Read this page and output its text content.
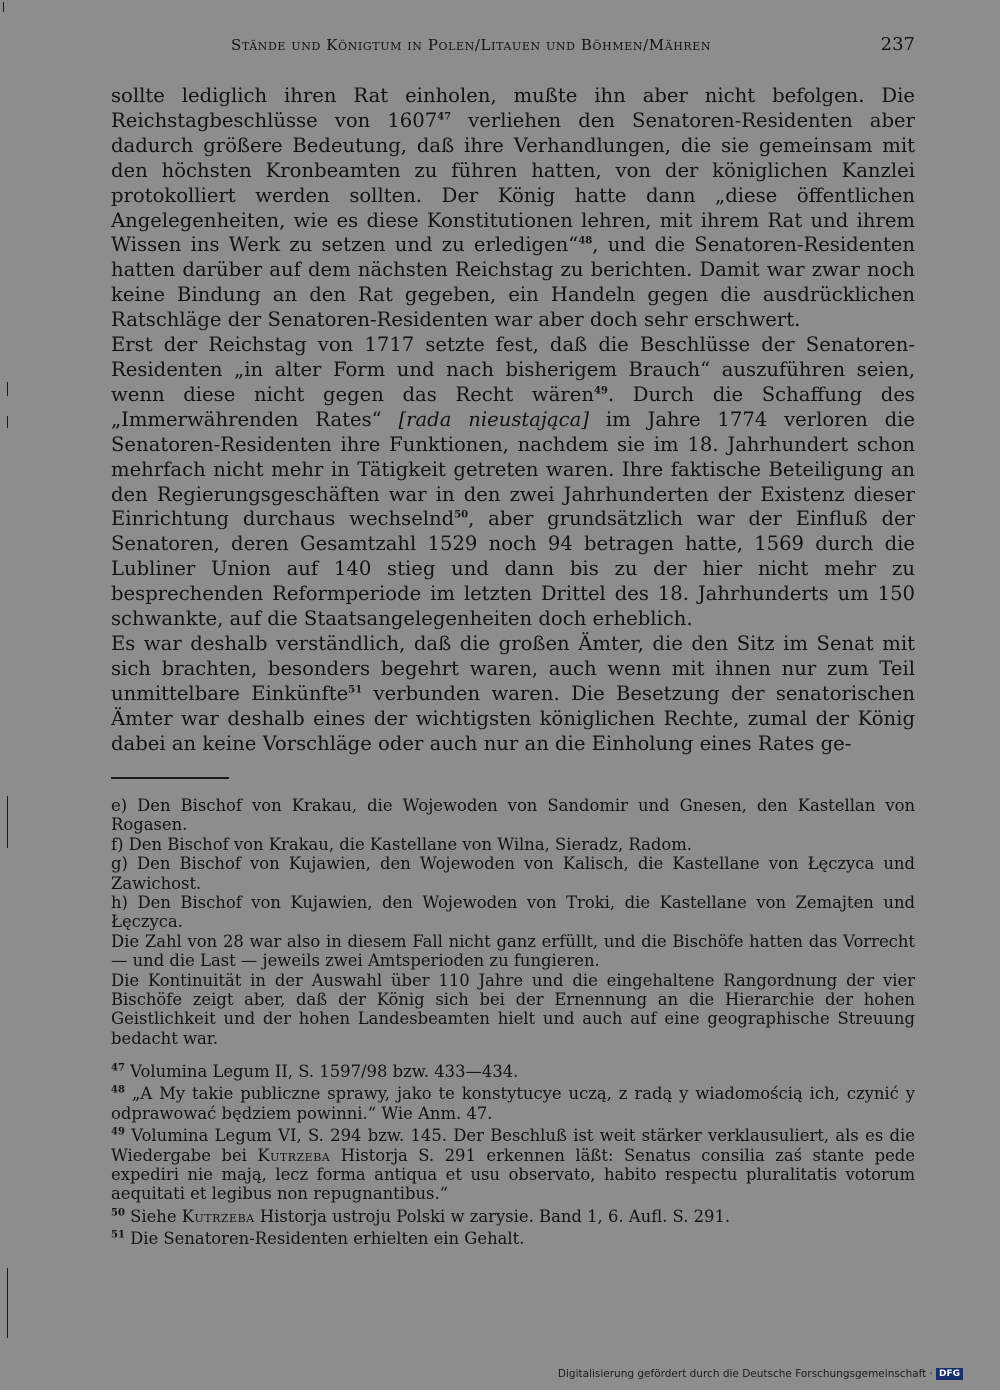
Stände und Königtum in Polen/Litauen und Böhmen/Mähren	237

sollte lediglich ihren Rat einholen, mußte ihn aber nicht befolgen. Die Reichstagbeschlüsse von 1607$^{47}$ verliehen den Senatoren-Residenten aber dadurch größere Bedeutung, daß ihre Verhandlungen, die sie gemeinsam mit den höchsten Kronbeamten zu führen hatten, von der königlichen Kanzlei protokolliert werden sollten. Der König hatte dann „diese öffentlichen Angelegenheiten, wie es diese Konstitutionen lehren, mit ihrem Rat und ihrem Wissen ins Werk zu setzen und zu erledigen“$^{48}$, und die Senatoren-Residenten hatten darüber auf dem nächsten Reichstag zu berichten. Damit war zwar noch keine Bindung an den Rat gegeben, ein Handeln gegen die ausdrücklichen Ratschläge der Senatoren-Residenten war aber doch sehr erschwert.

Erst der Reichstag von 1717 setzte fest, daß die Beschlüsse der Senatoren-Residenten „in alter Form und nach bisherigem Brauch“ auszuführen seien, wenn diese nicht gegen das Recht wären$^{49}$. Durch die Schaffung des „Immerwährenden Rates“ [rada nieustająca] im Jahre 1774 verloren die Senatoren-Residenten ihre Funktionen, nachdem sie im 18. Jahrhundert schon mehrfach nicht mehr in Tätigkeit getreten waren. Ihre faktische Beteiligung an den Regierungsgeschäften war in den zwei Jahrhunderten der Existenz dieser Einrichtung durchaus wechselnd$^{50}$, aber grundsätzlich war der Einfluß der Senatoren, deren Gesamtzahl 1529 noch 94 betragen hatte, 1569 durch die Lubliner Union auf 140 stieg und dann bis zu der hier nicht mehr zu besprechenden Reformperiode im letzten Drittel des 18. Jahrhunderts um 150 schwankte, auf die Staatsangelegenheiten doch erheblich.

Es war deshalb verständlich, daß die großen Ämter, die den Sitz im Senat mit sich brachten, besonders begehrt waren, auch wenn mit ihnen nur zum Teil unmittelbare Einkünfte$^{51}$ verbunden waren. Die Besetzung der senatorischen Ämter war deshalb eines der wichtigsten königlichen Rechte, zumal der König dabei an keine Vorschläge oder auch nur an die Einholung eines Rates ge-

e) Den Bischof von Krakau, die Wojewoden von Sandomir und Gnesen, den Kastellan von Rogasen.

f) Den Bischof von Krakau, die Kastellane von Wilna, Sieradz, Radom.

g) Den Bischof von Kujawien, den Wojewoden von Kalisch, die Kastellane von Łęczyca und Zawichost.

h) Den Bischof von Kujawien, den Wojewoden von Troki, die Kastellane von Zemajten und Łęczyca.

Die Zahl von 28 war also in diesem Fall nicht ganz erfüllt, und die Bischöfe hatten das Vorrecht — und die Last — jeweils zwei Amtsperioden zu fungieren.

Die Kontinuität in der Auswahl über 110 Jahre und die eingehaltene Rangordnung der vier Bischöfe zeigt aber, daß der König sich bei der Ernennung an die Hierarchie der hohen Geistlichkeit und der hohen Landesbeamten hielt und auch auf eine geographische Streuung bedacht war.

$^{47}$ Volumina Legum II, S. 1597/98 bzw. 433—434.

$^{48}$ „A My takie publiczne sprawy, jako te konstytucye uczą, z radą y wiadomością ich, czynić y odprawować będziem powinni.“ Wie Anm. 47.

$^{49}$ Volumina Legum VI, S. 294 bzw. 145. Der Beschluß ist weit stärker verklausuliert, als es die Wiedergabe bei Kutrzeba Historja S. 291 erkennen läßt: Senatus consilia zaś stante pede expediri nie mają, lecz forma antiqua et usu observato, habito respectu pluralitatis votorum aequitati et legibus non repugnantibus.“

$^{50}$ Siehe Kutrzeba Historja ustroju Polski w zarysie. Band 1, 6. Aufl. S. 291.

$^{51}$ Die Senatoren-Residenten erhielten ein Gehalt.

Digitalisierung gefördert durch die Deutsche Forschungsgemeinschaft · DFG
